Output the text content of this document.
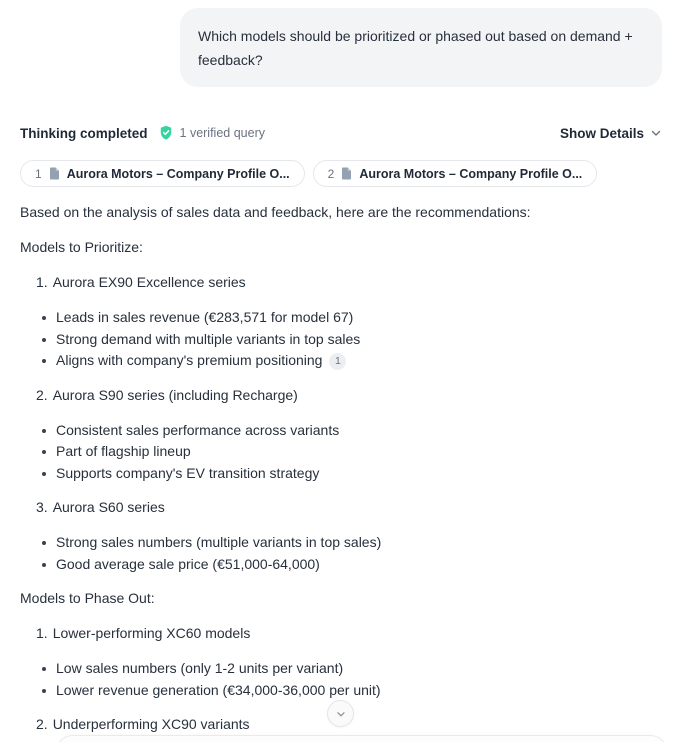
Which models should be prioritized or phased out based on demand + feedback?
Thinking completed	1 verified query	Show Details
1 Aurora Motors – Company Profile O...	2 Aurora Motors – Company Profile O...

Based on the analysis of sales data and feedback, here are the recommendations:

Models to Prioritize:

1. Aurora EX90 Excellence series
Leads in sales revenue (€283,571 for model 67)
Strong demand with multiple variants in top sales
Aligns with company's premium positioning 1
2. Aurora S90 series (including Recharge)
Consistent sales performance across variants
Part of flagship lineup
Supports company's EV transition strategy
3. Aurora S60 series
Strong sales numbers (multiple variants in top sales)
Good average sale price (€51,000-64,000)

Models to Phase Out:

1. Lower-performing XC60 models
Low sales numbers (only 1-2 units per variant)
Lower revenue generation (€34,000-36,000 per unit)
2. Underperforming XC90 variants
